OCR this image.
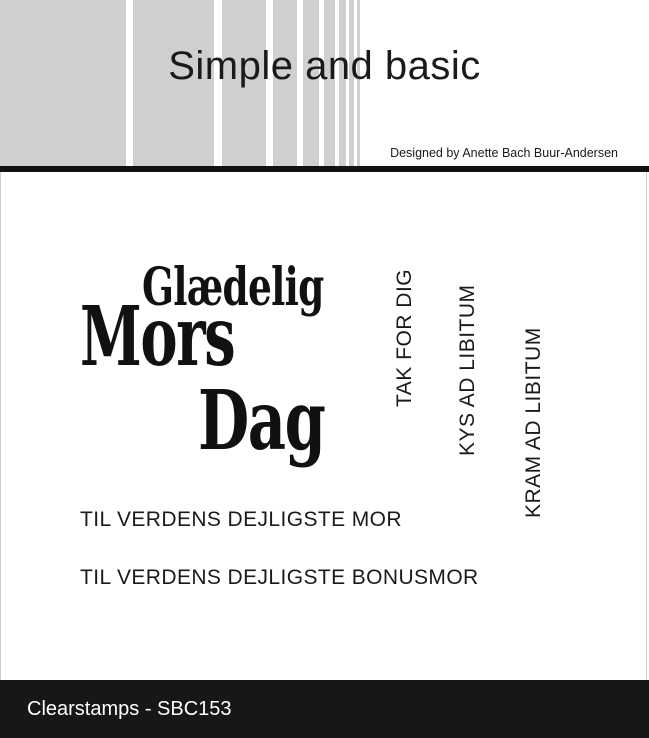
Simple and basic
Designed by Anette Bach Buur-Andersen
Glædelig
Mors
Dag
TAK FOR DIG KYS AD LIBITUM KRAM AD LIBITUM
TIL VERDENS DEJLIGSTE MOR
TIL VERDENS DEJLIGSTE BONUSMOR
Clearstamps - SBC153
